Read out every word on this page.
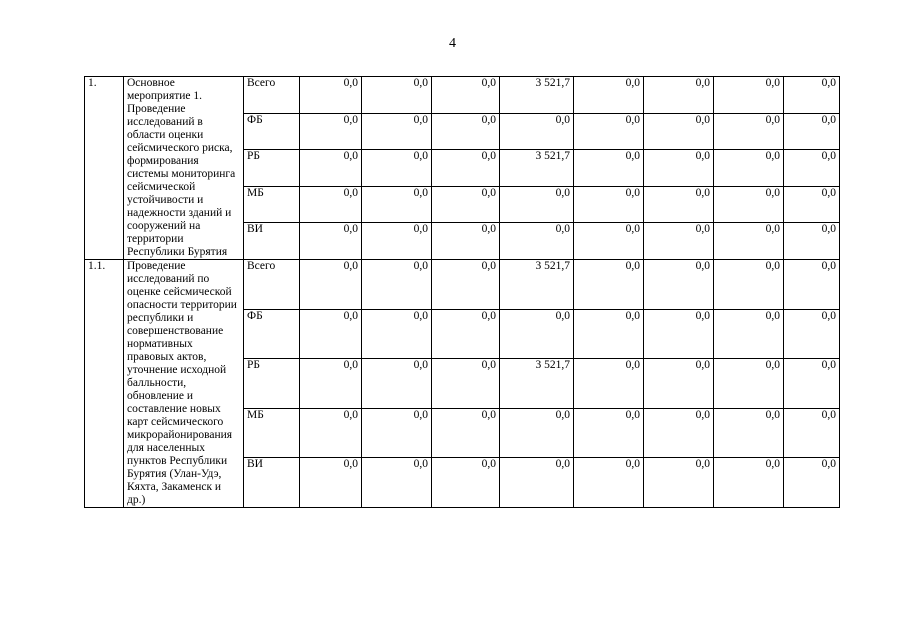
4
1.	Основное мероприятие 1. Проведение исследований в области оценки сейсмического риска, формирования системы мониторинга сейсмической устойчивости и надежности зданий и сооружений на территории Республики Бурятия	Всего	0,0	0,0	0,0	3 521,7	0,0	0,0	0,0	0,0
		ФБ	0,0	0,0	0,0	0,0	0,0	0,0	0,0	0,0
		РБ	0,0	0,0	0,0	3 521,7	0,0	0,0	0,0	0,0
		МБ	0,0	0,0	0,0	0,0	0,0	0,0	0,0	0,0
		ВИ	0,0	0,0	0,0	0,0	0,0	0,0	0,0	0,0
1.1.	Проведение исследований по оценке сейсмической опасности территории республики и совершенствование нормативных правовых актов, уточнение исходной балльности, обновление и составление новых карт сейсмического микрорайонирования для населенных пунктов Республики Бурятия (Улан-Удэ, Кяхта, Закаменск и др.)	Всего	0,0	0,0	0,0	3 521,7	0,0	0,0	0,0	0,0
		ФБ	0,0	0,0	0,0	0,0	0,0	0,0	0,0	0,0
		РБ	0,0	0,0	0,0	3 521,7	0,0	0,0	0,0	0,0
		МБ	0,0	0,0	0,0	0,0	0,0	0,0	0,0	0,0
		ВИ	0,0	0,0	0,0	0,0	0,0	0,0	0,0	0,0
